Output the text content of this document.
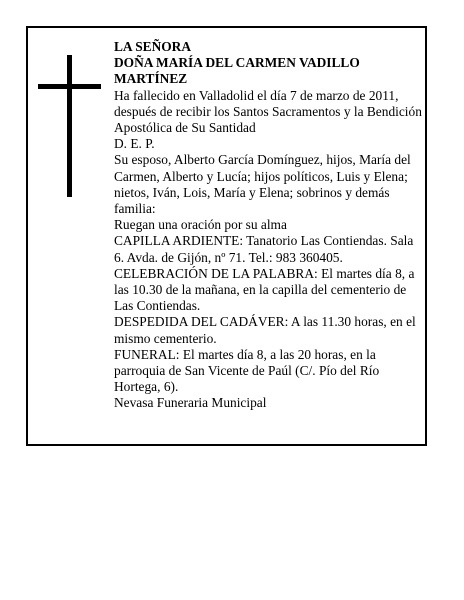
LA SEÑORA

DOÑA MARÍA DEL CARMEN VADILLO MARTÍNEZ

Ha fallecido en Valladolid el día 7 de marzo de 2011, después de recibir los Santos Sacramentos y la Bendición Apostólica de Su Santidad

D. E. P.

Su esposo, Alberto García Domínguez, hijos, María del Carmen, Alberto y Lucía; hijos políticos, Luis y Elena; nietos, Iván, Lois, María y Elena; sobrinos y demás familia:

Ruegan una oración por su alma

CAPILLA ARDIENTE: Tanatorio Las Contiendas. Sala 6. Avda. de Gijón, nº 71. Tel.: 983 360405.

CELEBRACIÓN DE LA PALABRA: El martes día 8, a las 10.30 de la mañana, en la capilla del cementerio de Las Contiendas.

DESPEDIDA DEL CADÁVER: A las 11.30 horas, en el mismo cementerio.

FUNERAL: El martes día 8, a las 20 horas, en la parroquia de San Vicente de Paúl (C/. Pío del Río Hortega, 6).

Nevasa Funeraria Municipal
